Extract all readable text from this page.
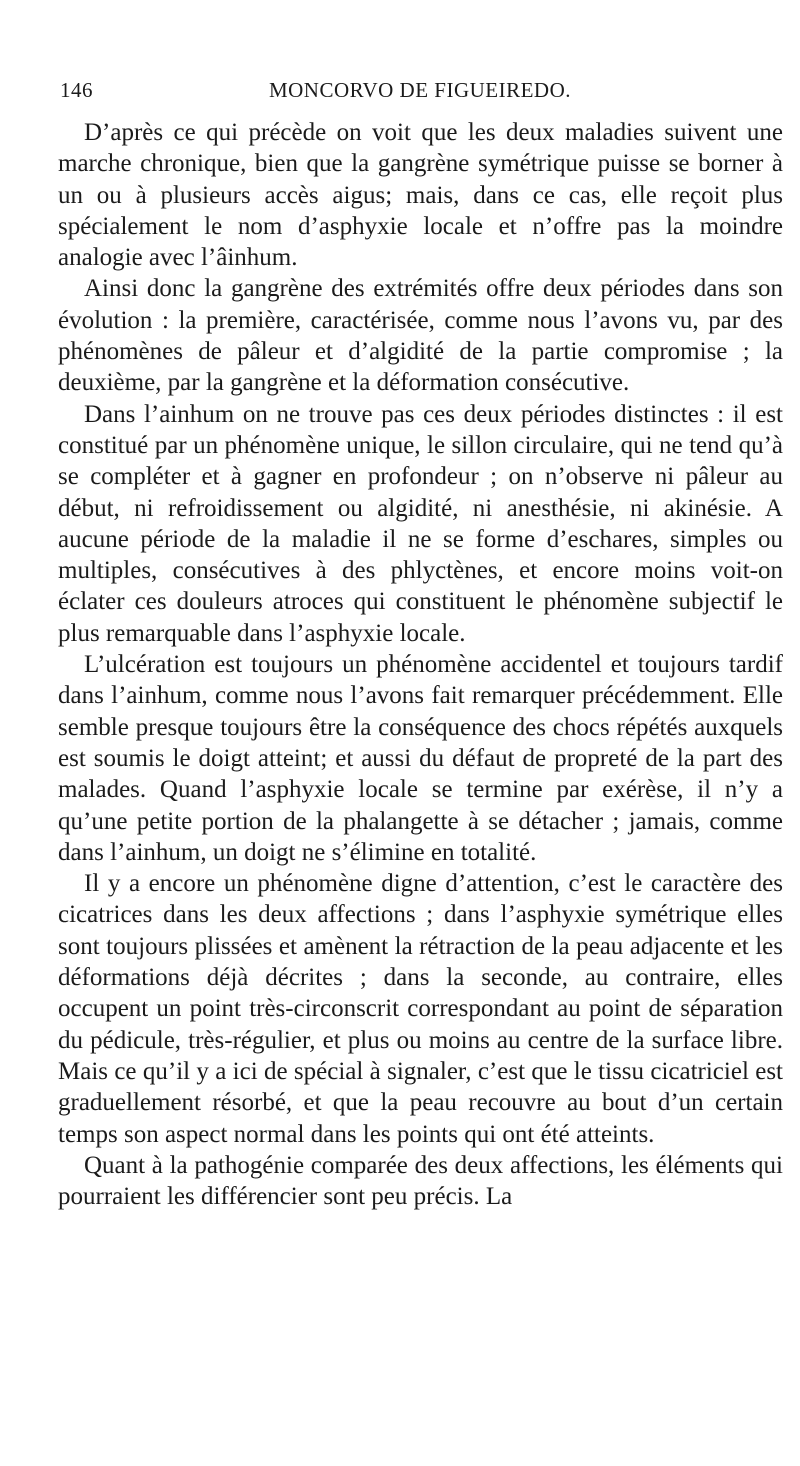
146	MONCORVO DE FIGUEIREDO.

D’après ce qui précède on voit que les deux maladies suivent une marche chronique, bien que la gangrène symétrique puisse se borner à un ou à plusieurs accès aigus; mais, dans ce cas, elle reçoit plus spécialement le nom d’asphyxie locale et n’offre pas la moindre analogie avec l’âinhum.

Ainsi donc la gangrène des extrémités offre deux périodes dans son évolution : la première, caractérisée, comme nous l’avons vu, par des phénomènes de pâleur et d’algidité de la partie compromise ; la deuxième, par la gangrène et la déformation consécutive.

Dans l’ainhum on ne trouve pas ces deux périodes distinctes : il est constitué par un phénomène unique, le sillon circulaire, qui ne tend qu’à se compléter et à gagner en profondeur ; on n’observe ni pâleur au début, ni refroidissement ou algidité, ni anesthésie, ni akinésie. A aucune période de la maladie il ne se forme d’eschares, simples ou multiples, consécutives à des phlyctènes, et encore moins voit-on éclater ces douleurs atroces qui constituent le phénomène subjectif le plus remarquable dans l’asphyxie locale.

L’ulcération est toujours un phénomène accidentel et toujours tardif dans l’ainhum, comme nous l’avons fait remarquer précédemment. Elle semble presque toujours être la conséquence des chocs répétés auxquels est soumis le doigt atteint; et aussi du défaut de propreté de la part des malades. Quand l’asphyxie locale se termine par exérèse, il n’y a qu’une petite portion de la phalangette à se détacher ; jamais, comme dans l’ainhum, un doigt ne s’élimine en totalité.

Il y a encore un phénomène digne d’attention, c’est le caractère des cicatrices dans les deux affections ; dans l’asphyxie symétrique elles sont toujours plissées et amènent la rétraction de la peau adjacente et les déformations déjà décrites ; dans la seconde, au contraire, elles occupent un point très-circonscrit correspondant au point de séparation du pédicule, très-régulier, et plus ou moins au centre de la surface libre. Mais ce qu’il y a ici de spécial à signaler, c’est que le tissu cicatriciel est graduellement résorbé, et que la peau recouvre au bout d’un certain temps son aspect normal dans les points qui ont été atteints.

Quant à la pathogénie comparée des deux affections, les éléments qui pourraient les différencier sont peu précis. La
